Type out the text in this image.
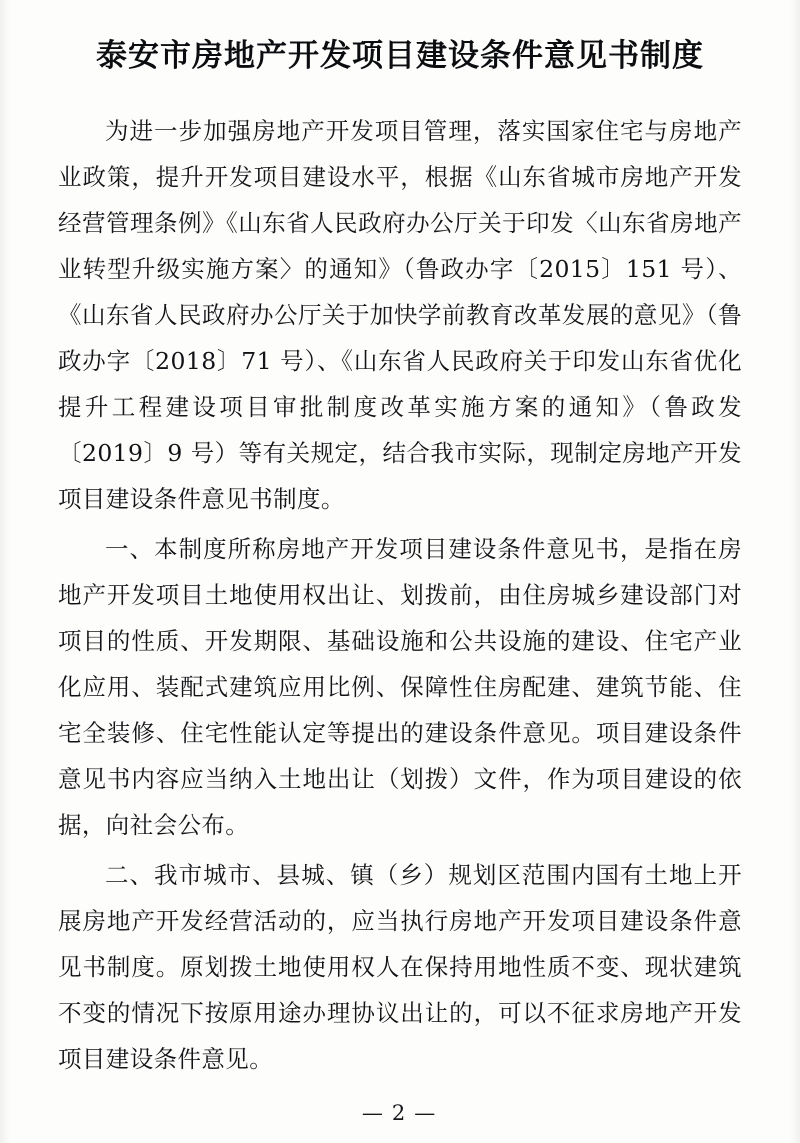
泰安市房地产开发项目建设条件意见书制度

为进一步加强房地产开发项目管理，落实国家住宅与房地产业政策，提升开发项目建设水平，根据《山东省城市房地产开发经营管理条例》《山东省人民政府办公厅关于印发〈山东省房地产业转型升级实施方案〉的通知》（鲁政办字〔2015〕151 号）、《山东省人民政府办公厅关于加快学前教育改革发展的意见》（鲁政办字〔2018〕71 号）、《山东省人民政府关于印发山东省优化提升工程建设项目审批制度改革实施方案的通知》（鲁政发〔2019〕9 号）等有关规定，结合我市实际，现制定房地产开发项目建设条件意见书制度。

一、本制度所称房地产开发项目建设条件意见书，是指在房地产开发项目土地使用权出让、划拨前，由住房城乡建设部门对项目的性质、开发期限、基础设施和公共设施的建设、住宅产业化应用、装配式建筑应用比例、保障性住房配建、建筑节能、住宅全装修、住宅性能认定等提出的建设条件意见。项目建设条件意见书内容应当纳入土地出让（划拨）文件，作为项目建设的依据，向社会公布。

二、我市城市、县城、镇（乡）规划区范围内国有土地上开展房地产开发经营活动的，应当执行房地产开发项目建设条件意见书制度。原划拨土地使用权人在保持用地性质不变、现状建筑不变的情况下按原用途办理协议出让的，可以不征求房地产开发项目建设条件意见。

— 2 —
